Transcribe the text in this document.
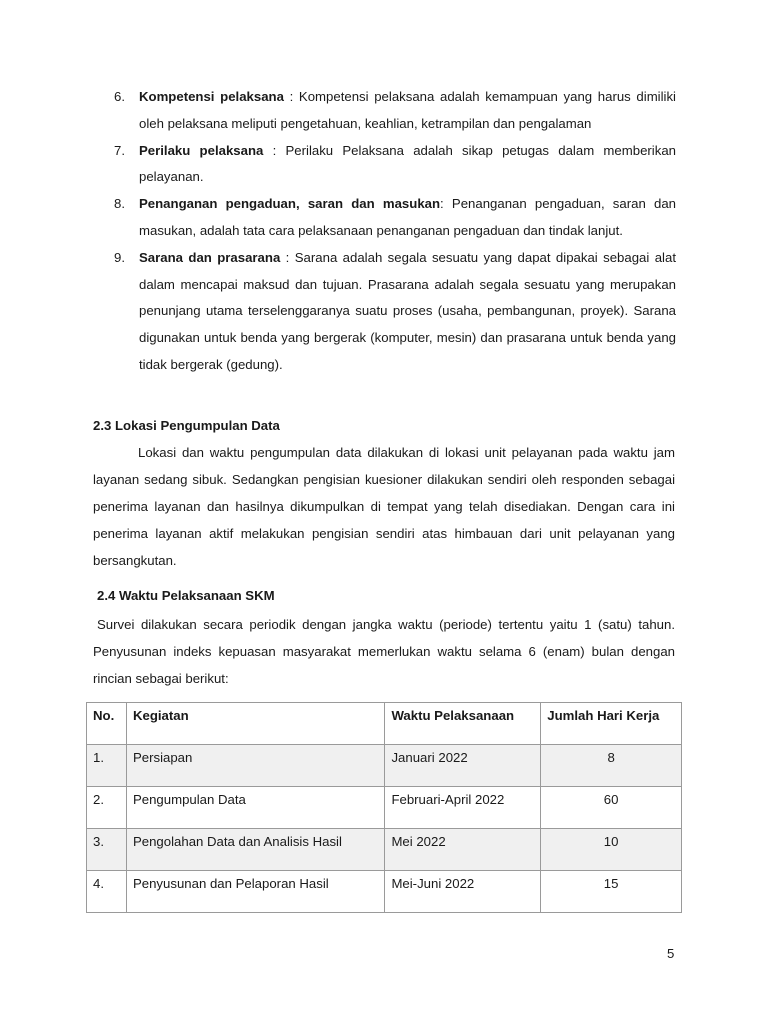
6. Kompetensi pelaksana : Kompetensi pelaksana adalah kemampuan yang harus dimiliki oleh pelaksana meliputi pengetahuan, keahlian, ketrampilan dan pengalaman
7. Perilaku pelaksana : Perilaku Pelaksana adalah sikap petugas dalam memberikan pelayanan.
8. Penanganan pengaduan, saran dan masukan: Penanganan pengaduan, saran dan masukan, adalah tata cara pelaksanaan penanganan pengaduan dan tindak lanjut.
9. Sarana dan prasarana : Sarana adalah segala sesuatu yang dapat dipakai sebagai alat dalam mencapai maksud dan tujuan. Prasarana adalah segala sesuatu yang merupakan penunjang utama terselenggaranya suatu proses (usaha, pembangunan, proyek). Sarana digunakan untuk benda yang bergerak (komputer, mesin) dan prasarana untuk benda yang tidak bergerak (gedung).
2.3 Lokasi Pengumpulan Data

Lokasi dan waktu pengumpulan data dilakukan di lokasi unit pelayanan pada waktu jam layanan sedang sibuk. Sedangkan pengisian kuesioner dilakukan sendiri oleh responden sebagai penerima layanan dan hasilnya dikumpulkan di tempat yang telah disediakan. Dengan cara ini penerima layanan aktif melakukan pengisian sendiri atas himbauan dari unit pelayanan yang bersangkutan.

2.4 Waktu Pelaksanaan SKM

Survei dilakukan secara periodik dengan jangka waktu (periode) tertentu yaitu 1 (satu) tahun. Penyusunan indeks kepuasan masyarakat memerlukan waktu selama 6 (enam) bulan dengan rincian sebagai berikut:

No.	Kegiatan	Waktu Pelaksanaan	Jumlah Hari Kerja
1.	Persiapan	Januari 2022	8
2.	Pengumpulan Data	Februari-April 2022	60
3.	Pengolahan Data dan Analisis Hasil	Mei 2022	10
4.	Penyusunan dan Pelaporan Hasil	Mei-Juni 2022	15
5
